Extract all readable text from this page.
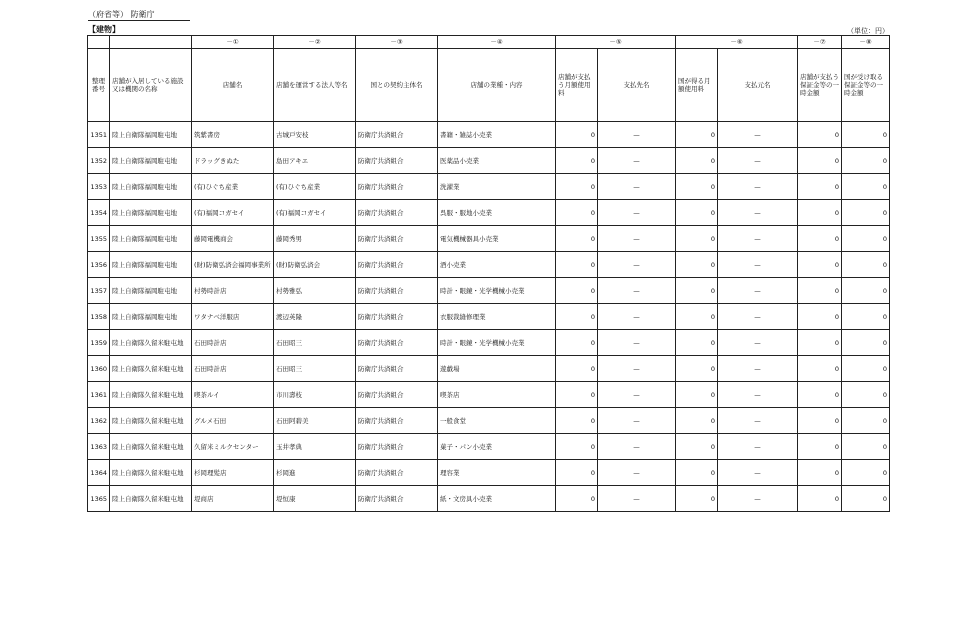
（府省等） 防衛庁
【建物】	（単位：円）
		－①	－②	－③	－④	－⑤		－⑥		－⑦	－⑧
整理番号	店舗が入居している施設又は機関の名称	店舗名	店舗を運営する法人等名	国との契約主体名	店舗の業種・内容	店舗が支払う月額使用料	支払先名	国が得る月額使用料	支払元名	店舗が支払う保証金等の一時金額	国が受け取る保証金等の一時金額
1351	陸上自衛隊福岡駐屯地	筑紫書房	古城戸安枝	防衛庁共済組合	書籍・雑誌小売業	0	—	0	—	0	0
1352	陸上自衛隊福岡駐屯地	ドラッグきぬた	島田アキエ	防衛庁共済組合	医薬品小売業	0	—	0	—	0	0
1353	陸上自衛隊福岡駐屯地	(有)ひぐち産業	(有)ひぐち産業	防衛庁共済組合	洗濯業	0	—	0	—	0	0
1354	陸上自衛隊福岡駐屯地	(有)福岡コガセイ	(有)福岡コガセイ	防衛庁共済組合	呉服・服地小売業	0	—	0	—	0	0
1355	陸上自衛隊福岡駐屯地	藤岡電機商会	藤岡秀男	防衛庁共済組合	電気機械器具小売業	0	—	0	—	0	0
1356	陸上自衛隊福岡駐屯地	(財)防衛弘済会福岡事業所	(財)防衛弘済会	防衛庁共済組合	酒小売業	0	—	0	—	0	0
1357	陸上自衛隊福岡駐屯地	村勢時計店	村勢雅弘	防衛庁共済組合	時計・眼鏡・光学機械小売業	0	—	0	—	0	0
1358	陸上自衛隊福岡駐屯地	ワタナベ洋服店	渡辺英隆	防衛庁共済組合	衣服裁縫修理業	0	—	0	—	0	0
1359	陸上自衛隊久留米駐屯地	石田時計店	石田昭三	防衛庁共済組合	時計・眼鏡・光学機械小売業	0	—	0	—	0	0
1360	陸上自衛隊久留米駐屯地	石田時計店	石田昭三	防衛庁共済組合	遊戯場	0	—	0	—	0	0
1361	陸上自衛隊久留米駐屯地	喫茶ルイ	市川壽枝	防衛庁共済組合	喫茶店	0	—	0	—	0	0
1362	陸上自衛隊久留米駐屯地	グルメ石田	石田阿碧美	防衛庁共済組合	一般食堂	0	—	0	—	0	0
1363	陸上自衛隊久留米駐屯地	久留米ミルクセンター	玉井孝典	防衛庁共済組合	菓子・パン小売業	0	—	0	—	0	0
1364	陸上自衛隊久留米駐屯地	杉岡理髪店	杉岡進	防衛庁共済組合	理容業	0	—	0	—	0	0
1365	陸上自衛隊久留米駐屯地	堤商店	堤恒康	防衛庁共済組合	紙・文房具小売業	0	—	0	—	0	0
